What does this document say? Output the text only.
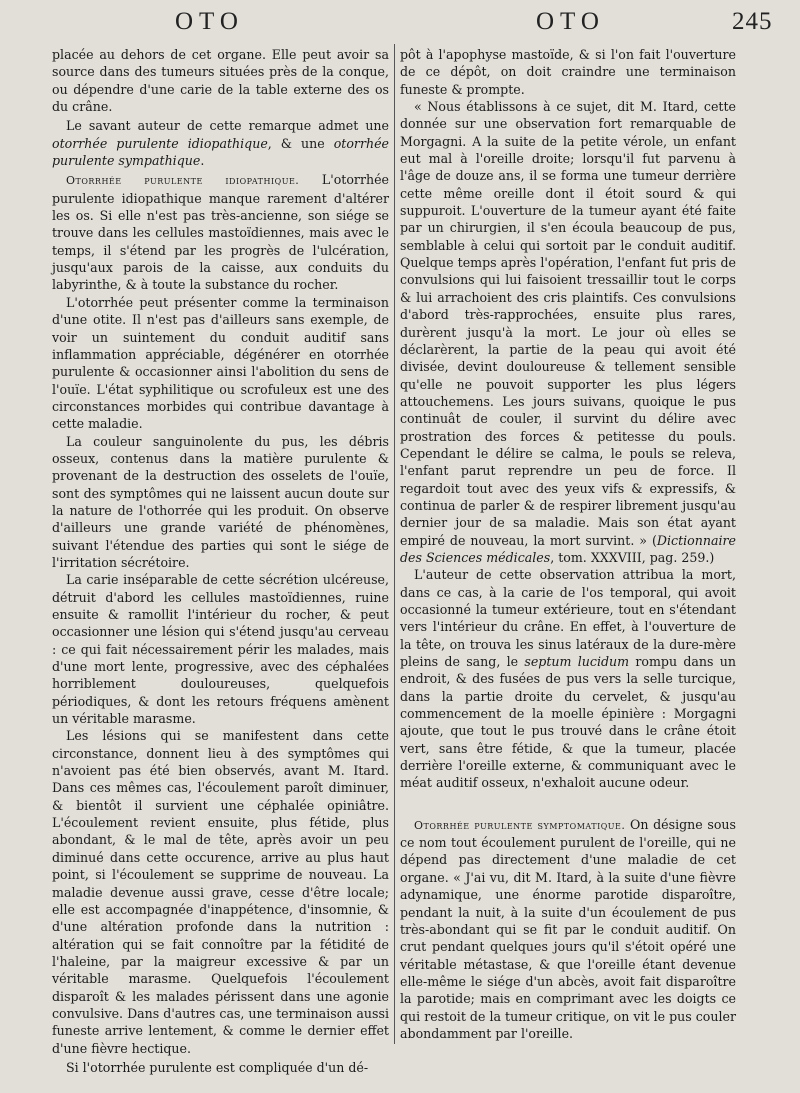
OTO	OTO	245

placée au dehors de cet organe. Elle peut avoir sa source dans des tumeurs situées près de la conque, ou dépendre d'une carie de la table externe des os du crâne.

Le savant auteur de cette remarque admet une otorrhée purulente idiopathique, & une otorrhée purulente sympathique.

Otorrhée purulente idiopathique. L'otorrhée purulente idiopathique manque rarement d'altérer les os. Si elle n'est pas très-ancienne, son siége se trouve dans les cellules mastoïdiennes, mais avec le temps, il s'étend par les progrès de l'ulcération, jusqu'aux parois de la caisse, aux conduits du labyrinthe, & à toute la substance du rocher.

L'otorrhée peut présenter comme la terminaison d'une otite. Il n'est pas d'ailleurs sans exemple, de voir un suintement du conduit auditif sans inflammation appréciable, dégénérer en otorrhée purulente & occasionner ainsi l'abolition du sens de l'ouïe. L'état syphilitique ou scrofuleux est une des circonstances morbides qui contribue davantage à cette maladie.

La couleur sanguinolente du pus, les débris osseux, contenus dans la matière purulente & provenant de la destruction des osselets de l'ouïe, sont des symptômes qui ne laissent aucun doute sur la nature de l'othorrée qui les produit. On observe d'ailleurs une grande variété de phénomènes, suivant l'étendue des parties qui sont le siége de l'irritation sécrétoire.

La carie inséparable de cette sécrétion ulcéreuse, détruit d'abord les cellules mastoïdiennes, ruine ensuite & ramollit l'intérieur du rocher, & peut occasionner une lésion qui s'étend jusqu'au cerveau : ce qui fait nécessairement périr les malades, mais d'une mort lente, progressive, avec des céphalées horriblement douloureuses, quelquefois périodiques, & dont les retours fréquens amènent un véritable marasme.

Les lésions qui se manifestent dans cette circonstance, donnent lieu à des symptômes qui n'avoient pas été bien observés, avant M. Itard. Dans ces mêmes cas, l'écoulement paroît diminuer, & bientôt il survient une céphalée opiniâtre. L'écoulement revient ensuite, plus fétide, plus abondant, & le mal de tête, après avoir un peu diminué dans cette occurence, arrive au plus haut point, si l'écoulement se supprime de nouveau. La maladie devenue aussi grave, cesse d'être locale; elle est accompagnée d'inappétence, d'insomnie, & d'une altération profonde dans la nutrition : altération qui se fait connoître par la fétidité de l'haleine, par la maigreur excessive & par un véritable marasme. Quelquefois l'écoulement disparoît & les malades périssent dans une agonie convulsive. Dans d'autres cas, une terminaison aussi funeste arrive lentement, & comme le dernier effet d'une fièvre hectique.

Si l'otorrhée purulente est compliquée d'un dé-

pôt à l'apophyse mastoïde, & si l'on fait l'ouverture de ce dépôt, on doit craindre une terminaison funeste & prompte.

« Nous établissons à ce sujet, dit M. Itard, cette donnée sur une observation fort remarquable de Morgagni. A la suite de la petite vérole, un enfant eut mal à l'oreille droite; lorsqu'il fut parvenu à l'âge de douze ans, il se forma une tumeur derrière cette même oreille dont il étoit sourd & qui suppuroit. L'ouverture de la tumeur ayant été faite par un chirurgien, il s'en écoula beaucoup de pus, semblable à celui qui sortoit par le conduit auditif. Quelque temps après l'opération, l'enfant fut pris de convulsions qui lui faisoient tressaillir tout le corps & lui arrachoient des cris plaintifs. Ces convulsions d'abord très-rapprochées, ensuite plus rares, durèrent jusqu'à la mort. Le jour où elles se déclarèrent, la partie de la peau qui avoit été divisée, devint douloureuse & tellement sensible qu'elle ne pouvoit supporter les plus légers attouchemens. Les jours suivans, quoique le pus continuât de couler, il survint du délire avec prostration des forces & petitesse du pouls. Cependant le délire se calma, le pouls se releva, l'enfant parut reprendre un peu de force. Il regardoit tout avec des yeux vifs & expressifs, & continua de parler & de respirer librement jusqu'au dernier jour de sa maladie. Mais son état ayant empiré de nouveau, la mort survint. » (Dictionnaire des Sciences médicales, tom. XXXVIII, pag. 259.)

L'auteur de cette observation attribua la mort, dans ce cas, à la carie de l'os temporal, qui avoit occasionné la tumeur extérieure, tout en s'étendant vers l'intérieur du crâne. En effet, à l'ouverture de la tête, on trouva les sinus latéraux de la dure-mère pleins de sang, le septum lucidum rompu dans un endroit, & des fusées de pus vers la selle turcique, dans la partie droite du cervelet, & jusqu'au commencement de la moelle épinière : Morgagni ajoute, que tout le pus trouvé dans le crâne étoit vert, sans être fétide, & que la tumeur, placée derrière l'oreille externe, & communiquant avec le méat auditif osseux, n'exhaloit aucune odeur.

Otorrhée purulente symptomatique. On désigne sous ce nom tout écoulement purulent de l'oreille, qui ne dépend pas directement d'une maladie de cet organe. « J'ai vu, dit M. Itard, à la suite d'une fièvre adynamique, une énorme parotide disparoître, pendant la nuit, à la suite d'un écoulement de pus très-abondant qui se fit par le conduit auditif. On crut pendant quelques jours qu'il s'étoit opéré une véritable métastase, & que l'oreille étant devenue elle-même le siége d'un abcès, avoit fait disparoître la parotide; mais en comprimant avec les doigts ce qui restoit de la tumeur critique, on vit le pus couler abondamment par l'oreille.
